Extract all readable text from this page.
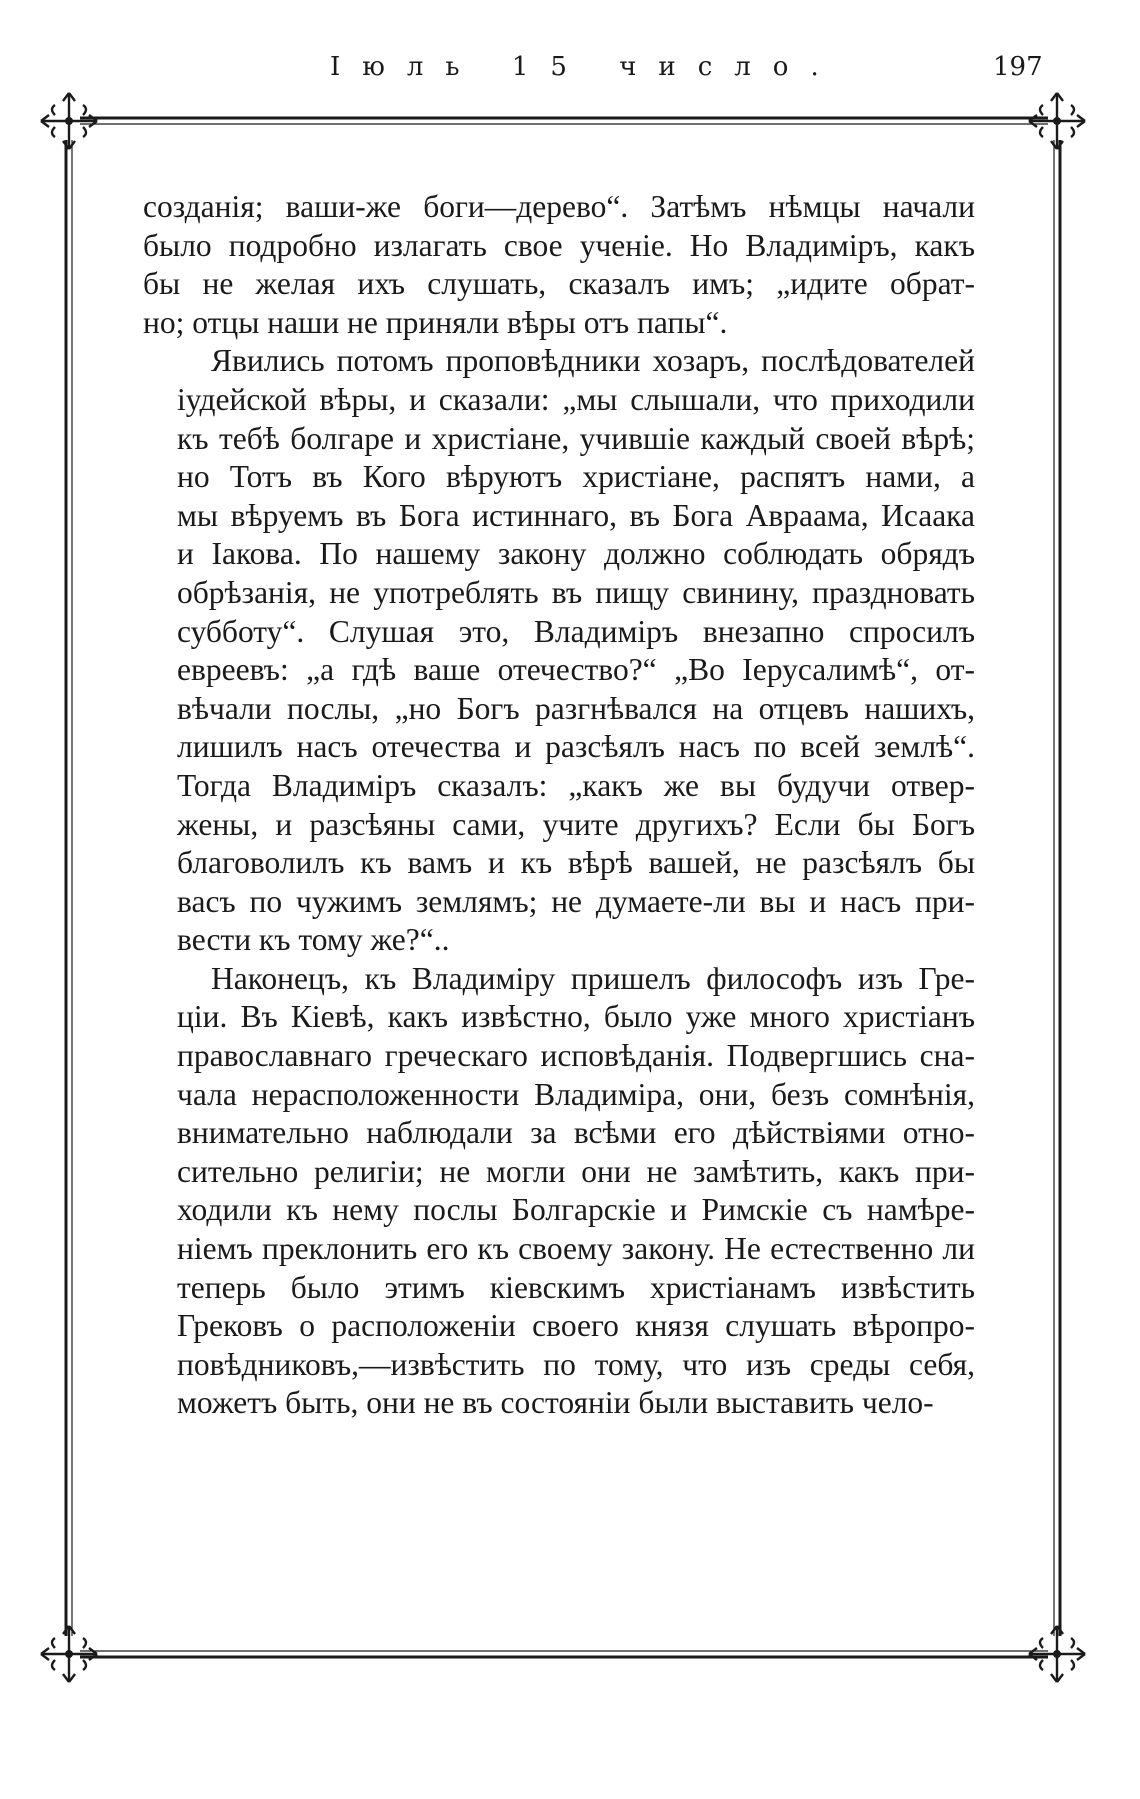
Іюль 15 число.	197
созданія; ваши-же боги—дерево“. Затѣмъ нѣмцы начали
было подробно излагать свое ученіе. Но Владиміръ, какъ
бы не желая ихъ слушать, сказалъ имъ; „идите обрат-
но; отцы наши не приняли вѣры отъ папы“.
Явились потомъ проповѣдники хозаръ, послѣдователей
іудейской вѣры, и сказали: „мы слышали, что приходили
къ тебѣ болгаре и христіане, учившіе каждый своей вѣрѣ;
но Тотъ въ Кого вѣруютъ христіане, распятъ нами, а
мы вѣруемъ въ Бога истиннаго, въ Бога Авраама, Исаака
и Іакова. По нашему закону должно соблюдать обрядъ
обрѣзанія, не употреблять въ пищу свинину, праздновать
субботу“. Слушая это, Владиміръ внезапно спросилъ
евреевъ: „а гдѣ ваше отечество?“ „Во Іерусалимѣ“, от-
вѣчали послы, „но Богъ разгнѣвался на отцевъ нашихъ,
лишилъ насъ отечества и разсѣялъ насъ по всей землѣ“.
Тогда Владиміръ сказалъ: „какъ же вы будучи отвер-
жены, и разсѣяны сами, учите другихъ? Если бы Богъ
благоволилъ къ вамъ и къ вѣрѣ вашей, не разсѣялъ бы
васъ по чужимъ землямъ; не думаете-ли вы и насъ при-
вести къ тому же?“..
Наконецъ, къ Владиміру пришелъ философъ изъ Гре-
ціи. Въ Кіевѣ, какъ извѣстно, было уже много христіанъ
православнаго греческаго исповѣданія. Подвергшись сна-
чала нерасположенности Владиміра, они, безъ сомнѣнія,
внимательно наблюдали за всѣми его дѣйствіями отно-
сительно религіи; не могли они не замѣтить, какъ при-
ходили къ нему послы Болгарскіе и Римскіе съ намѣре-
ніемъ преклонить его къ своему закону. Не естественно ли
теперь было этимъ кіевскимъ христіанамъ извѣстить
Грековъ о расположеніи своего князя слушать вѣропро-
повѣдниковъ,—извѣстить по тому, что изъ среды себя,
можетъ быть, они не въ состояніи были выставить чело-
